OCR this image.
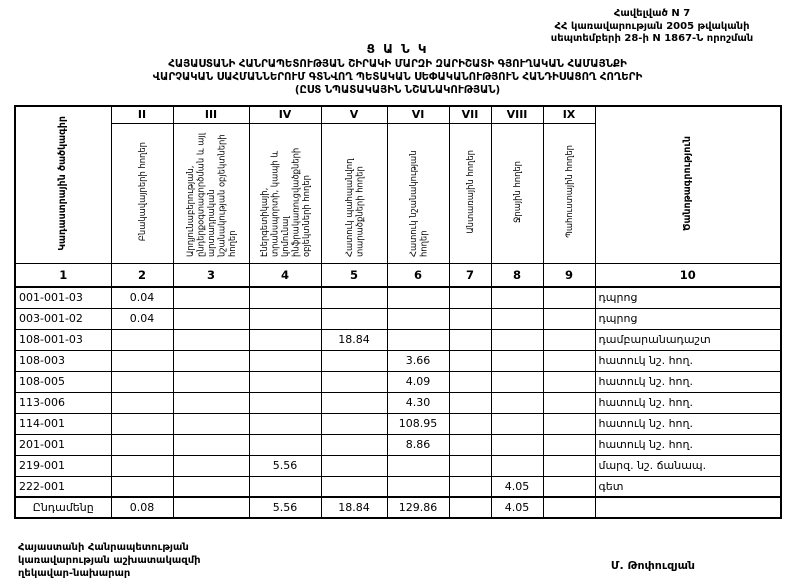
Հավելված N 7
ՀՀ կառավարության 2005 թվականի
սեպտեմբերի 28-ի N 1867-Ն որոշման
Ց Ա Ն Կ
ՀԱՅԱՍՏԱՆԻ ՀԱՆՐԱՊԵՏՈՒԹՅԱՆ ՇԻՐԱԿԻ ՄԱՐԶԻ ԶԱՐԻՇԱՏԻ ԳՅՈՒՂԱԿԱՆ ՀԱՄԱՅՆՔԻ
ՎԱՐՉԱԿԱՆ ՍԱՀՄԱՆՆԵՐՈՒՄ ԳՏՆՎՈՂ ՊԵՏԱԿԱՆ ՍԵՓԱԿԱՆՈՒԹՅՈՒՆ ՀԱՆԴԻՍԱՑՈՂ ՀՈՂԵՐԻ
(ԸՍՏ ՆՊԱՏԱԿԱՅԻՆ ՆՇԱՆԱԿՈՒԹՅԱՆ)
Կադաստրային ծածկագիր	II	III	IV	V	VI	VII	VIII	IX	Ծանոթագրություն
	Բնակավայրերի հողեր	Արդյունաբերության, ընդերքօգտագործման և այլ արտադրական նշանակության օբյեկտների հողեր	Էներգետիկայի, տրանսպորտի, կապի և կոմունալ ինֆրակառուցվածքների օբյեկտների հողեր	Հատուկ պահպանվող տարածքների հողեր	Հատուկ նշանակության հողեր	Անտառային հողեր	Ջրային հողեր	Պահուստային հողեր	
1	2	3	4	5	6	7	8	9	10
001-001-03	0.04								դպրոց
003-001-02	0.04								դպրոց
108-001-03				18.84					դամբարանադաշտ
108-003					3.66				հատուկ նշ. հող.
108-005					4.09				հատուկ նշ. հող.
113-006					4.30				հատուկ նշ. հող.
114-001					108.95				հատուկ նշ. հող.
201-001					8.86				հատուկ նշ. հող.
219-001			5.56						մարզ. նշ. ճանապ.
222-001							4.05		գետ
Ընդամենը	0.08		5.56	18.84	129.86		4.05		
Հայաստանի Հանրապետության
կառավարության աշխատակազմի
ղեկավար-նախարար
Մ. Թոփուզյան
